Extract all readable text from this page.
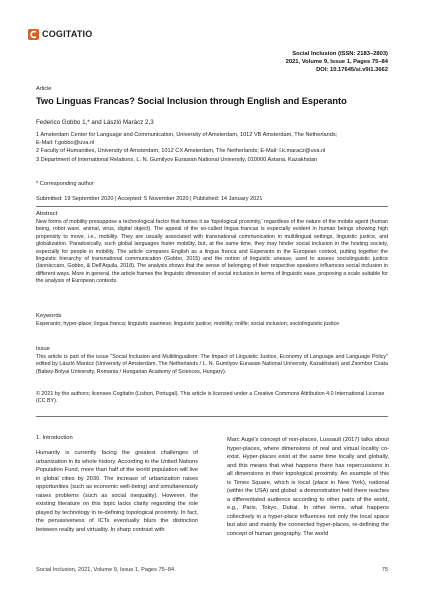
COGITATIO
Social Inclusion (ISSN: 2183–2803)
2021, Volume 9, Issue 1, Pages 75–84
DOI: 10.17645/si.v9i1.3662
Article
Two Linguas Francas? Social Inclusion through English and Esperanto
Federico Gobbo 1,* and László Marácz 2,3
1 Amsterdam Center for Language and Communication, University of Amsterdam, 1012 VB Amsterdam, The Netherlands;
E-Mail: f.gobbo@uva.nl
2 Faculty of Humanities, University of Amsterdam, 1012 CX Amsterdam, The Netherlands; E-Mail: l.k.maracz@uva.nl
3 Department of International Relations, L. N. Gumilyov Eurasian National University, 010000 Astana, Kazakhstan
* Corresponding author
Submitted: 19 September 2020 | Accepted: 5 November 2020 | Published: 14 January 2021
Abstract
New forms of mobility presuppose a technological factor that frames it as 'topological proximity,' regardless of the nature of the mobile agent (human being, robot ware, animal, virus, digital object). The appeal of the so-called lingua francas is especially evident in human beings showing high propensity to move, i.e., mobility. They are usually associated with transnational communication in multilingual settings, linguistic justice, and globalization. Paradoxically, such global languages foster mobility, but, at the same time, they may hinder social inclusion in the hosting society, especially for people in mobility. The article compares English as a lingua franca and Esperanto in the European context, putting together the linguistic hierarchy of transnational communication (Gobbo, 2015) and the notion of linguistic unease, used to assess sociolinguistic justice (Iannàccaro, Gobbo, & Dell'Aquila, 2018). The analysis shows that the sense of belonging of their respective speakers influences social inclusion in different ways. More in general, the article frames the linguistic dimension of social inclusion in terms of linguistic ease, proposing a scale suitable for the analysis of European contexts.
Keywords
Esperanto; hyper-place; lingua franca; linguistic easiness; linguistic justice; mobility; onlife; social inclusion; sociolinguistic justice
Issue
This article is part of the issue "Social Inclusion and Multilingualism: The Impact of Linguistic Justice, Economy of Language and Language Policy" edited by László Marácz (University of Amsterdam, The Netherlands / L. N. Gumilyov Eurasian National University, Kazakhstan) and Zsombor Csata (Babeș-Bolyai University, Romania / Hungarian Academy of Sciences, Hungary).
© 2021 by the authors; licensee Cogitatio (Lisbon, Portugal). This article is licensed under a Creative Commons Attribution 4.0 International License (CC BY).
1. Introduction
Humanity is currently facing the greatest challenges of urbanization in its whole history. According to the United Nations Population Fund, more than half of the world population will live in global cities by 2030. The increase of urbanization raises opportunities (such as economic well-being) and simultaneously raises problems (such as social inequality). However, the existing literature on this topic lacks clarity regarding the role played by technology in re-defining topological proximity. In fact, the pervasiveness of ICTs eventually blurs the distinction between reality and virtuality. In sharp contrast with
Marc Augé's concept of non-places, Lussault (2017) talks about hyper-places, where dimensions of real and virtual locality co-exist. Hyper-places exist at the same time locally and globally, and this means that what happens there has repercussions in all dimensions in their topological proximity. An example of this is Times Square, which is local (place in New York), national (within the USA) and global: a demonstration held there reaches a differentiated audience according to other parts of the world, e.g., Paris, Tokyo, Dubai. In other terms, what happens collectively in a hyper-place influences not only the local space but also and mainly the connected hyper-places, re-defining the concept of human geography. The world
Social Inclusion, 2021, Volume 9, Issue 1, Pages 75–84	75
